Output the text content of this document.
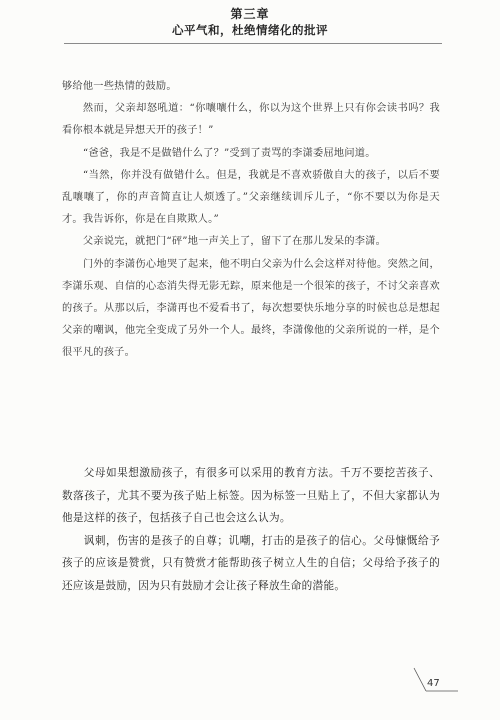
第三章
心平气和，杜绝情绪化的批评

够给他一些热情的鼓励。

然而，父亲却怒吼道：“你嚷嚷什么，你以为这个世界上只有你会读书吗？我看你根本就是异想天开的孩子！”

“爸爸，我是不是做错什么了？”受到了责骂的李潇委屈地问道。

“当然，你并没有做错什么。但是，我就是不喜欢骄傲自大的孩子，以后不要乱嚷嚷了，你的声音简直让人烦透了。”父亲继续训斥儿子，“你不要以为你是天才。我告诉你，你是在自欺欺人。”

父亲说完，就把门“砰”地一声关上了，留下了在那儿发呆的李潇。

门外的李潇伤心地哭了起来，他不明白父亲为什么会这样对待他。突然之间，李潇乐观、自信的心态消失得无影无踪，原来他是一个很笨的孩子，不讨父亲喜欢的孩子。从那以后，李潇再也不爱看书了，每次想要快乐地分享的时候也总是想起父亲的嘲讽，他完全变成了另外一个人。最终，李潇像他的父亲所说的一样，是个很平凡的孩子。

父母如果想激励孩子，有很多可以采用的教育方法。千万不要挖苦孩子、数落孩子，尤其不要为孩子贴上标签。因为标签一旦贴上了，不但大家都认为他是这样的孩子，包括孩子自己也会这么认为。

讽刺，伤害的是孩子的自尊；讥嘲，打击的是孩子的信心。父母慷慨给予孩子的应该是赞赏，只有赞赏才能帮助孩子树立人生的自信；父母给予孩子的还应该是鼓励，因为只有鼓励才会让孩子释放生命的潜能。

47
